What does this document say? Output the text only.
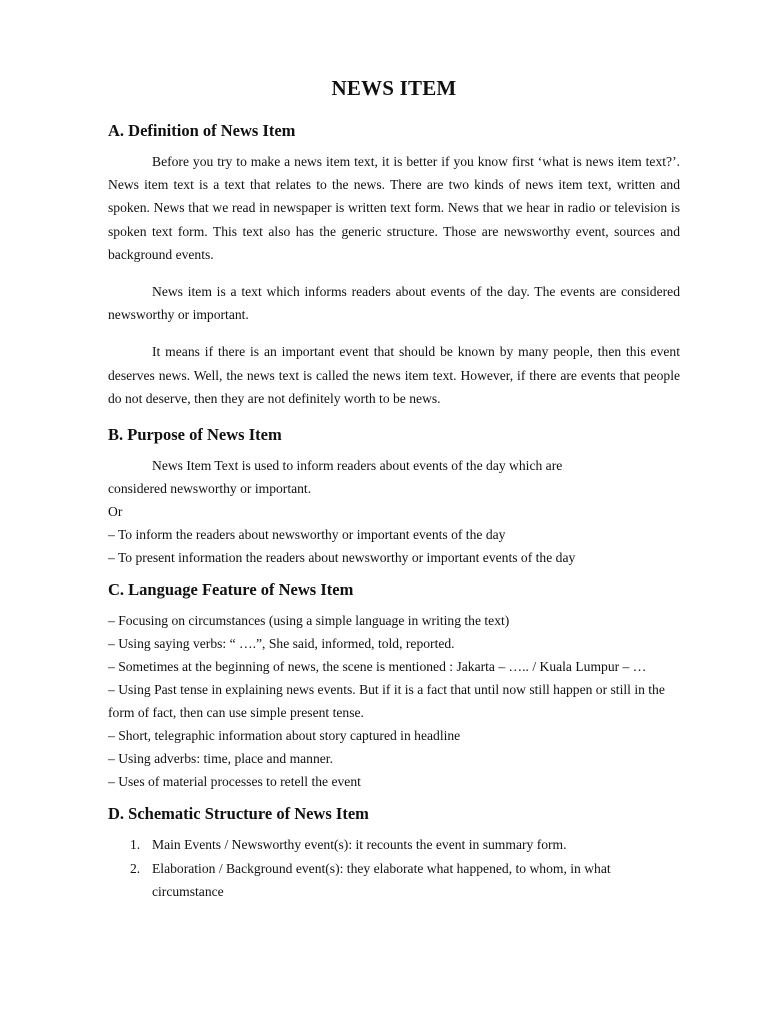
NEWS ITEM
A. Definition of News Item

Before you try to make a news item text, it is better if you know first ‘what is news item text?’. News item text is a text that relates to the news. There are two kinds of news item text, written and spoken. News that we read in newspaper is written text form. News that we hear in radio or television is spoken text form. This text also has the generic structure. Those are newsworthy event, sources and background events.

News item is a text which informs readers about events of the day. The events are considered newsworthy or important.

It means if there is an important event that should be known by many people, then this event deserves news. Well, the news text is called the news item text. However, if there are events that people do not deserve, then they are not definitely worth to be news.

B. Purpose of News Item

News Item Text is used to inform readers about events of the day which are

considered newsworthy or important.

Or

– To inform the readers about newsworthy or important events of the day

– To present information the readers about newsworthy or important events of the day

C. Language Feature of News Item

– Focusing on circumstances (using a simple language in writing the text)

– Using saying verbs: “ ….”, She said, informed, told, reported.

– Sometimes at the beginning of news, the scene is mentioned : Jakarta – ….. / Kuala Lumpur – …

– Using Past tense in explaining news events. But if it is a fact that until now still happen or still in the form of fact, then can use simple present tense.

– Short, telegraphic information about story captured in headline

– Using adverbs: time, place and manner.

– Uses of material processes to retell the event

D. Schematic Structure of News Item
1. Main Events / Newsworthy event(s): it recounts the event in summary form.
2. Elaboration / Background event(s): they elaborate what happened, to whom, in what circumstance
